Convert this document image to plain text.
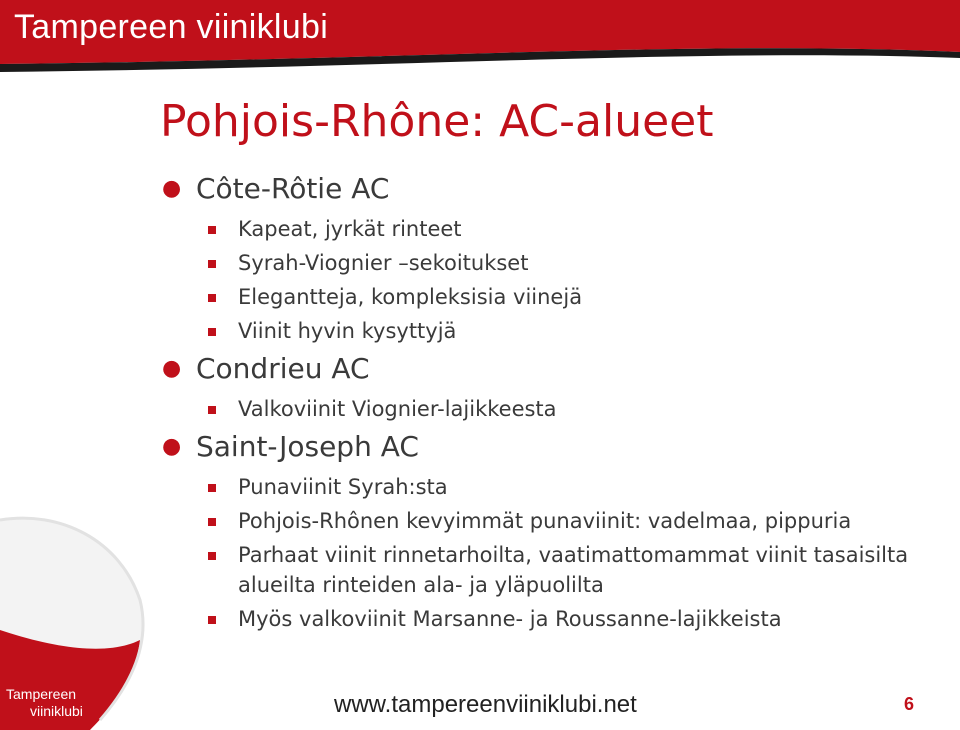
Tampereen viiniklubi
Pohjois-Rhône: AC-alueet
● Côte-Rôtie AC
Kapeat, jyrkät rinteet
Syrah-Viognier –sekoitukset
Elegantteja, kompleksisia viinejä
Viinit hyvin kysyttyjä
● Condrieu AC
Valkoviinit Viognier-lajikkeesta
● Saint-Joseph AC
Punaviinit Syrah:sta
Pohjois-Rhônen kevyimmät punaviinit: vadelmaa, pippuria
Parhaat viinit rinnetarhoilta, vaatimattomammat viinit tasaisilta alueilta rinteiden ala- ja yläpuolilta
Myös valkoviinit Marsanne- ja Roussanne-lajikkeista
Tampereen
viiniklubi	www.tampereenviiniklubi.net	6
